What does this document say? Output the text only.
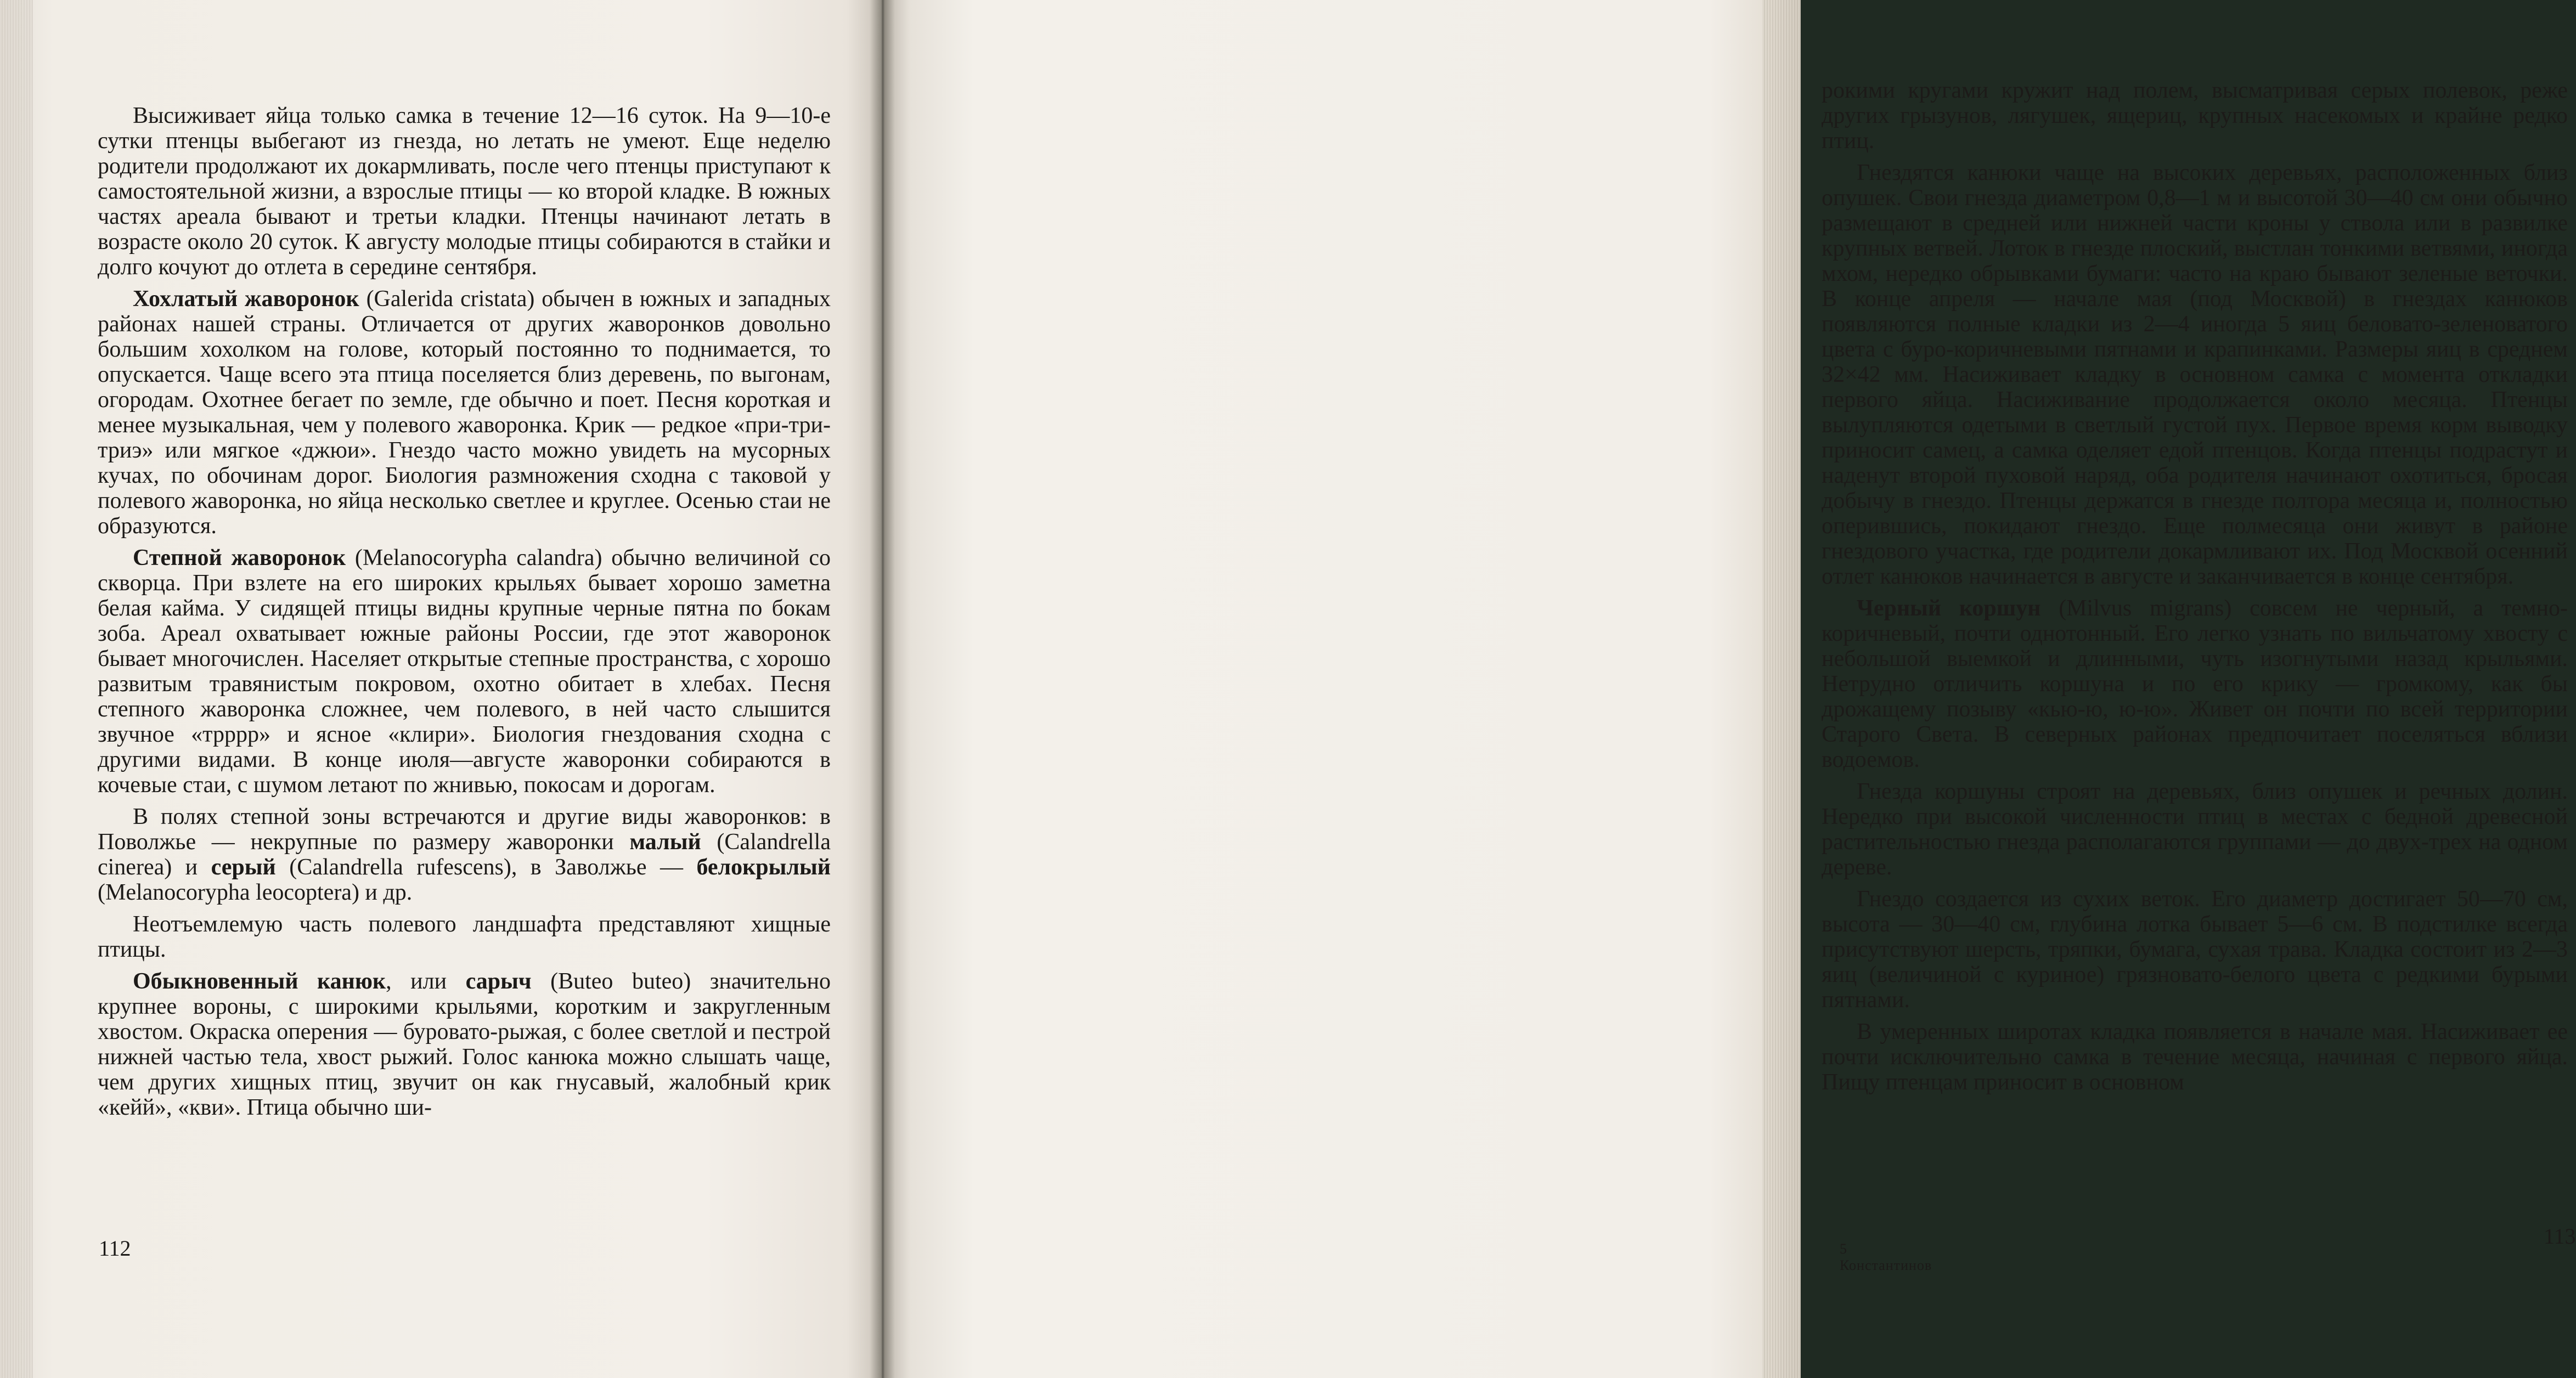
Высиживает яйца только самка в течение 12—16 суток. На 9—10-е сутки птенцы выбегают из гнезда, но летать не умеют. Еще неделю родители продолжают их докармливать, после чего птенцы приступают к самостоятельной жизни, а взрослые птицы — ко второй кладке. В южных частях ареала бывают и третьи кладки. Птенцы начинают летать в возрасте около 20 суток. К августу молодые птицы собираются в стайки и долго кочуют до отлета в середине сентября.

Хохлатый жаворонок (Galerida cristata) обычен в южных и западных районах нашей страны. Отличается от других жаворонков довольно большим хохолком на голове, который постоянно то поднимается, то опускается. Чаще всего эта птица поселяется близ деревень, по выгонам, огородам. Охотнее бегает по земле, где обычно и поет. Песня короткая и менее музыкальная, чем у полевого жаворонка. Крик — редкое «при-три-триэ» или мягкое «джюи». Гнездо часто можно увидеть на мусорных кучах, по обочинам дорог. Биология размножения сходна с таковой у полевого жаворонка, но яйца несколько светлее и круглее. Осенью стаи не образуются.

Степной жаворонок (Melanocorypha calandra) обычно величиной со скворца. При взлете на его широких крыльях бывает хорошо заметна белая кайма. У сидящей птицы видны крупные черные пятна по бокам зоба. Ареал охватывает южные районы России, где этот жаворонок бывает многочислен. Населяет открытые степные пространства, с хорошо развитым травянистым покровом, охотно обитает в хлебах. Песня степного жаворонка сложнее, чем полевого, в ней часто слышится звучное «трррр» и ясное «клири». Биология гнездования сходна с другими видами. В конце июля—августе жаворонки собираются в кочевые стаи, с шумом летают по жнивью, покосам и дорогам.

В полях степной зоны встречаются и другие виды жаворонков: в Поволжье — некрупные по размеру жаворонки малый (Calandrella cinerea) и серый (Calandrella rufescens), в Заволжье — белокрылый (Melanocorypha leocoptera) и др.

Неотъемлемую часть полевого ландшафта представляют хищные птицы.

Обыкновенный канюк, или сарыч (Buteo buteo) значительно крупнее вороны, с широкими крыльями, коротким и закругленным хвостом. Окраска оперения — буровато-рыжая, с более светлой и пестрой нижней частью тела, хвост рыжий. Голос канюка можно слышать чаще, чем других хищных птиц, звучит он как гнусавый, жалобный крик «кейй», «кви». Птица обычно ши-

112

рокими кругами кружит над полем, высматривая серых полевок, реже других грызунов, лягушек, ящериц, крупных насекомых и крайне редко птиц.

Гнездятся канюки чаще на высоких деревьях, расположенных близ опушек. Свои гнезда диаметром 0,8—1 м и высотой 30—40 см они обычно размещают в средней или нижней части кроны у ствола или в развилке крупных ветвей. Лоток в гнезде плоский, выстлан тонкими ветвями, иногда мхом, нередко обрывками бумаги: часто на краю бывают зеленые веточки. В конце апреля — начале мая (под Москвой) в гнездах канюков появляются полные кладки из 2—4 иногда 5 яиц беловато-зеленоватого цвета с буро-коричневыми пятнами и крапинками. Размеры яиц в среднем 32×42 мм. Насиживает кладку в основном самка с момента откладки первого яйца. Насиживание продолжается около месяца. Птенцы вылупляются одетыми в светлый густой пух. Первое время корм выводку приносит самец, а самка оделяет едой птенцов. Когда птенцы подрастут и наденут второй пуховой наряд, оба родителя начинают охотиться, бросая добычу в гнездо. Птенцы держатся в гнезде полтора месяца и, полностью оперившись, покидают гнездо. Еще полмесяца они живут в районе гнездового участка, где родители докармливают их. Под Москвой осенний отлет канюков начинается в августе и заканчивается в конце сентября.

Черный коршун (Milvus migrans) совсем не черный, а темно-коричневый, почти однотонный. Его легко узнать по вильчатому хвосту с небольшой выемкой и длинными, чуть изогнутыми назад крыльями. Нетрудно отличить коршуна и по его крику — громкому, как бы дрожащему позыву «кью-ю, ю-ю». Живет он почти по всей территории Старого Света. В северных районах предпочитает поселяться вблизи водоемов.

Гнезда коршуны строят на деревьях, близ опушек и речных долин. Нередко при высокой численности птиц в местах с бедной древесной растительностью гнезда располагаются группами — до двух-трех на одном дереве.

Гнездо создается из сухих веток. Его диаметр достигает 50—70 см, высота — 30—40 см, глубина лотка бывает 5—6 см. В подстилке всегда присутствуют шерсть, тряпки, бумага, сухая трава. Кладка состоит из 2—3 яиц (величиной с куриное) грязновато-белого цвета с редкими бурыми пятнами.

В умеренных широтах кладка появляется в начале мая. Насиживает ее почти исключительно самка в течение месяца, начиная с первого яйца. Пищу птенцам приносит в основном

5 Константинов
113
